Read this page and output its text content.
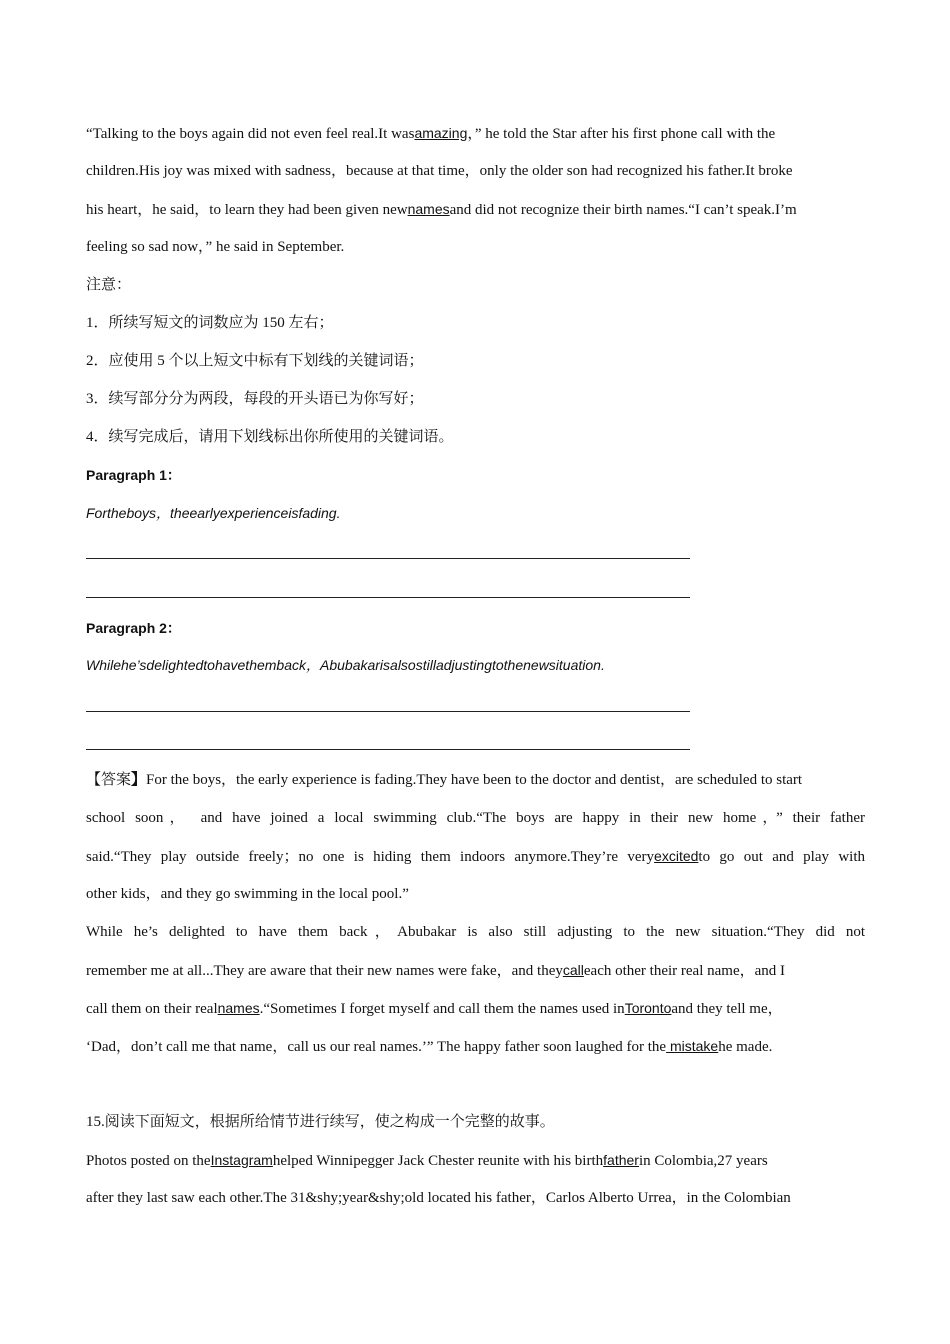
“Talking to the boys again did not even feel real.It wasamazing，” he told the Star after his first phone call with the
children.His joy was mixed with sadness，because at that time，only the older son had recognized his father.It broke
his heart，he said，to learn they had been given newnamesand did not recognize their birth names.“I can’t speak.I’m
feeling so sad now，” he said in September.
注意：
1．所续写短文的词数应为 150 左右；
2．应使用 5 个以上短文中标有下划线的关键词语；
3．续写部分分为两段，每段的开头语已为你写好；
4．续写完成后，请用下划线标出你所使用的关键词语。
Paragraph 1：
Fortheboys，theearlyexperienceisfading.
Paragraph 2：
Whilehe’sdelightedtohavethemback，Abubakarisalsostilladjustingtothenewsituation.
【答案】For the boys，the early experience is fading.They have been to the doctor and dentist，are scheduled to start
school soon， and have joined a local swimming club.“The boys are happy in their new home，” their father
said.“They play outside freely；no one is hiding them indoors anymore.They’re veryexcitedto go out and play with
other kids，and they go swimming in the local pool.”
While he’s delighted to have them back，Abubakar is also still adjusting to the new situation.“They did not
remember me at all...They are aware that their new names were fake，and theycalleach other their real name，and I
call them on their realnames.“Sometimes I forget myself and call them the names used inTorontoand they tell me，
‘Dad，don’t call me that name，call us our real names.’” The happy father soon laughed for the mistakehe made.
15.阅读下面短文，根据所给情节进行续写，使之构成一个完整的故事。
Photos posted on theInstagramhelped Winnipegger Jack Chester reunite with his birthfatherin Colombia,27 years
after they last saw each other.The 31&shy;year&shy;old located his father，Carlos Alberto Urrea，in the Colombian
